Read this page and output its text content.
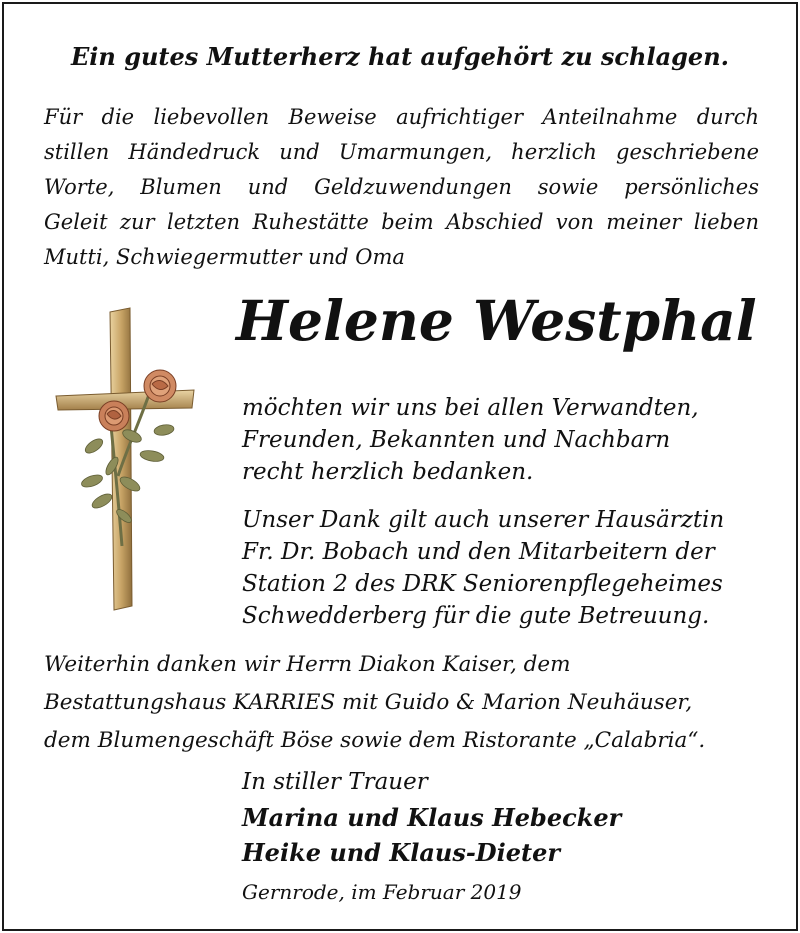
Ein gutes Mutterherz hat aufgehört zu schlagen.

Für die liebevollen Beweise aufrichtiger Anteilnahme durch
stillen Händedruck und Umarmungen, herzlich geschriebene
Worte, Blumen und Geldzuwendungen sowie persönliches
Geleit zur letzten Ruhestätte beim Abschied von meiner lieben
Mutti, Schwiegermutter und Oma

Helene Westphal

möchten wir uns bei allen Verwandten,
Freunden, Bekannten und Nachbarn
recht herzlich bedanken.
Unser Dank gilt auch unserer Hausärztin
Fr. Dr. Bobach und den Mitarbeitern der
Station 2 des DRK Seniorenpflegeheimes
Schwedderberg für die gute Betreuung.
Weiterhin danken wir Herrn Diakon Kaiser, dem
Bestattungshaus KARRIES mit Guido & Marion Neuhäuser,
dem Blumengeschäft Böse sowie dem Ristorante „Calabria“.

In stiller Trauer

Marina und Klaus Hebecker
Heike und Klaus-Dieter

Gernrode, im Februar 2019
